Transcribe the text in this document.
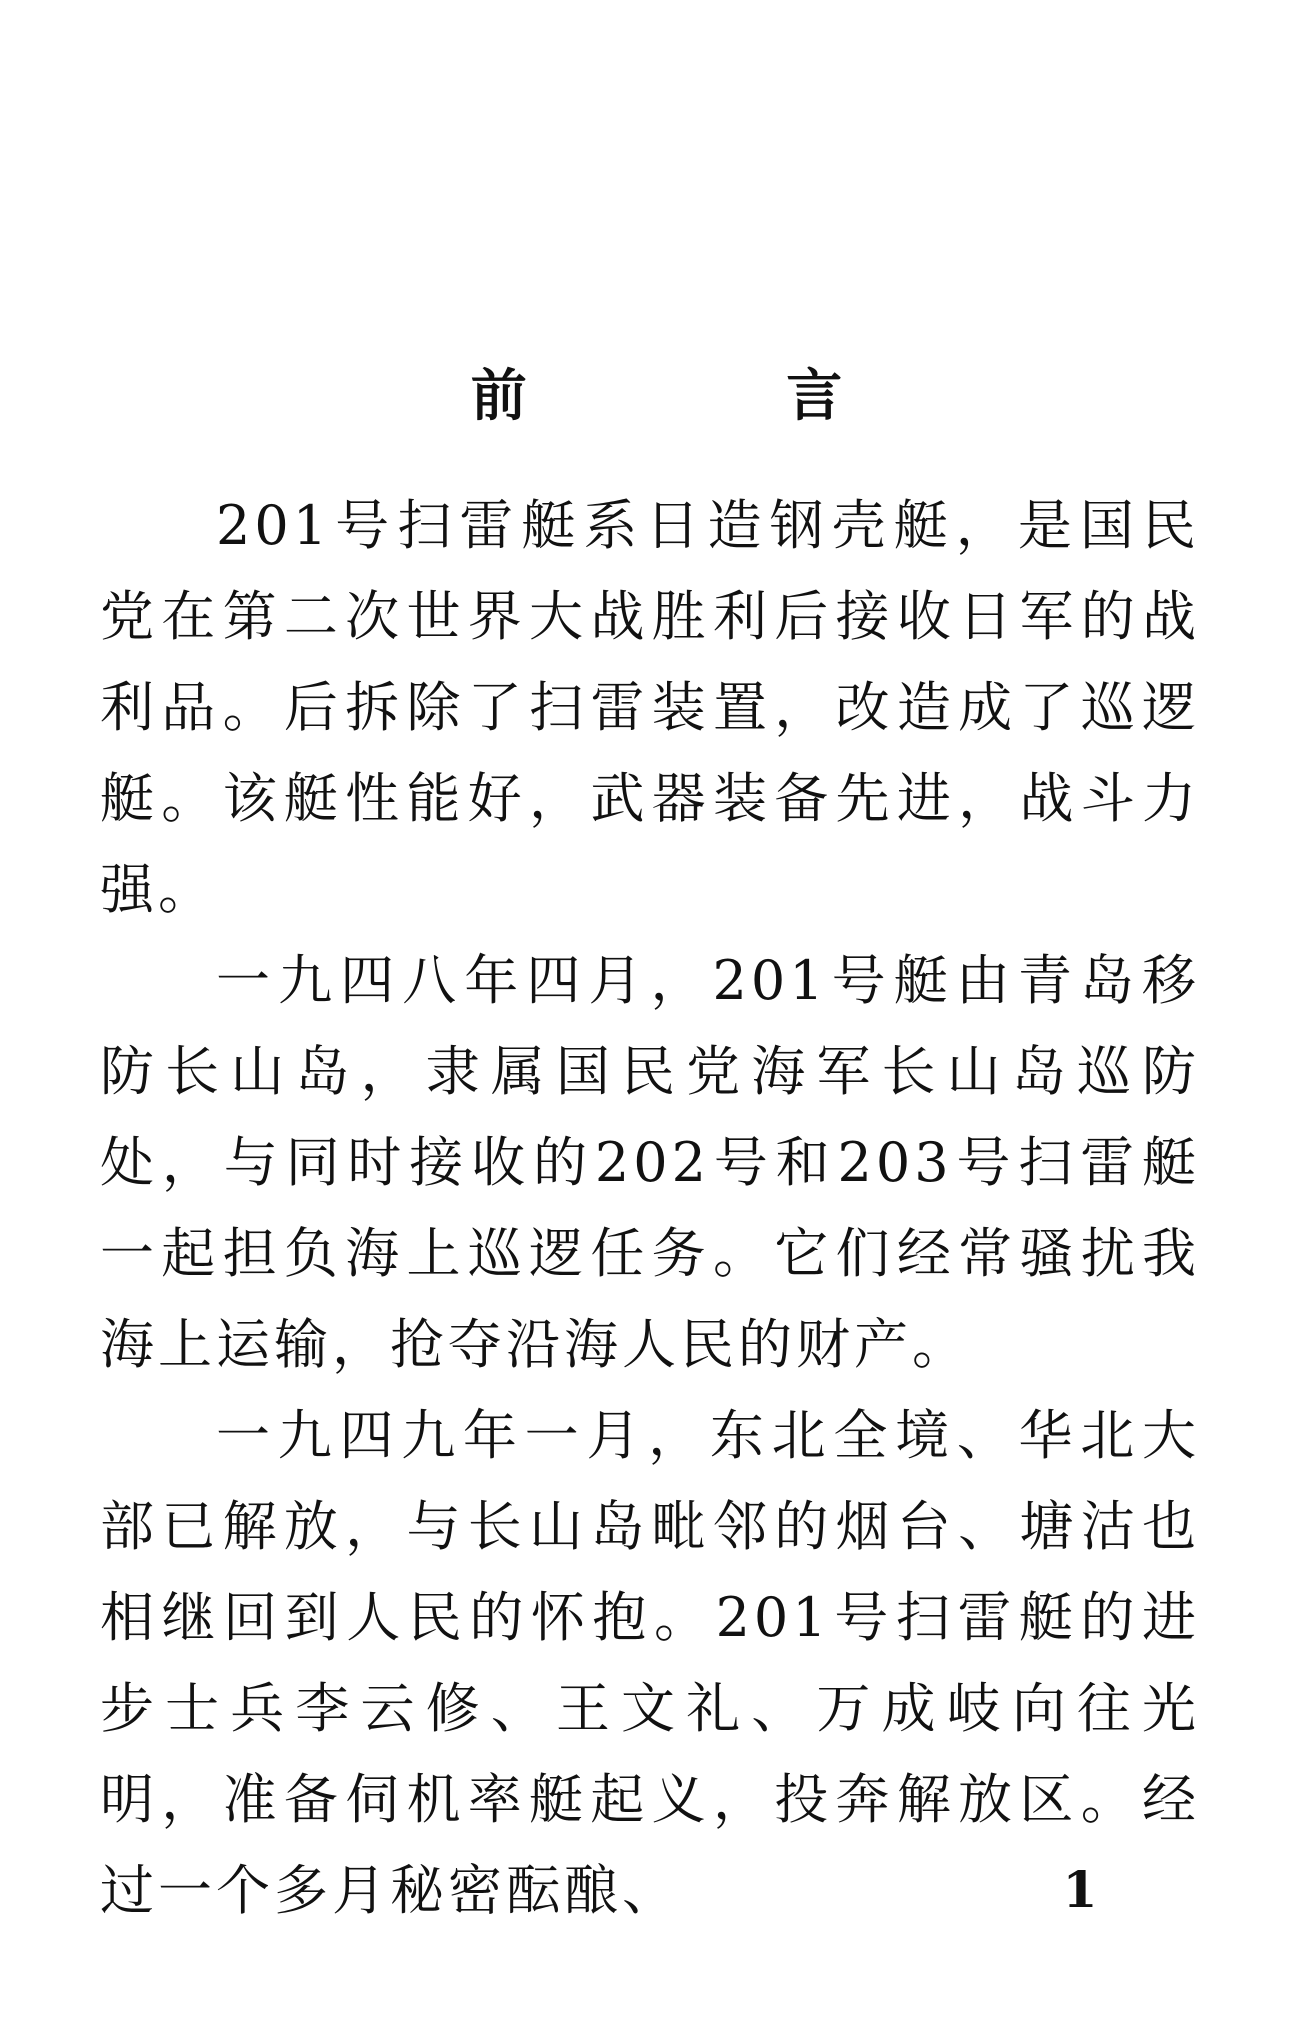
前 言

201号扫雷艇系日造钢壳艇，是国民党在第二次世界大战胜利后接收日军的战利品。后拆除了扫雷装置，改造成了巡逻艇。该艇性能好，武器装备先进，战斗力强。

一九四八年四月，201号艇由青岛移防长山岛，隶属国民党海军长山岛巡防处，与同时接收的202号和203号扫雷艇一起担负海上巡逻任务。它们经常骚扰我海上运输，抢夺沿海人民的财产。

一九四九年一月，东北全境、华北大部已解放，与长山岛毗邻的烟台、塘沽也相继回到人民的怀抱。201号扫雷艇的进步士兵李云修、王文礼、万成岐向往光明，准备伺机率艇起义，投奔解放区。经过一个多月秘密酝酿、	1
